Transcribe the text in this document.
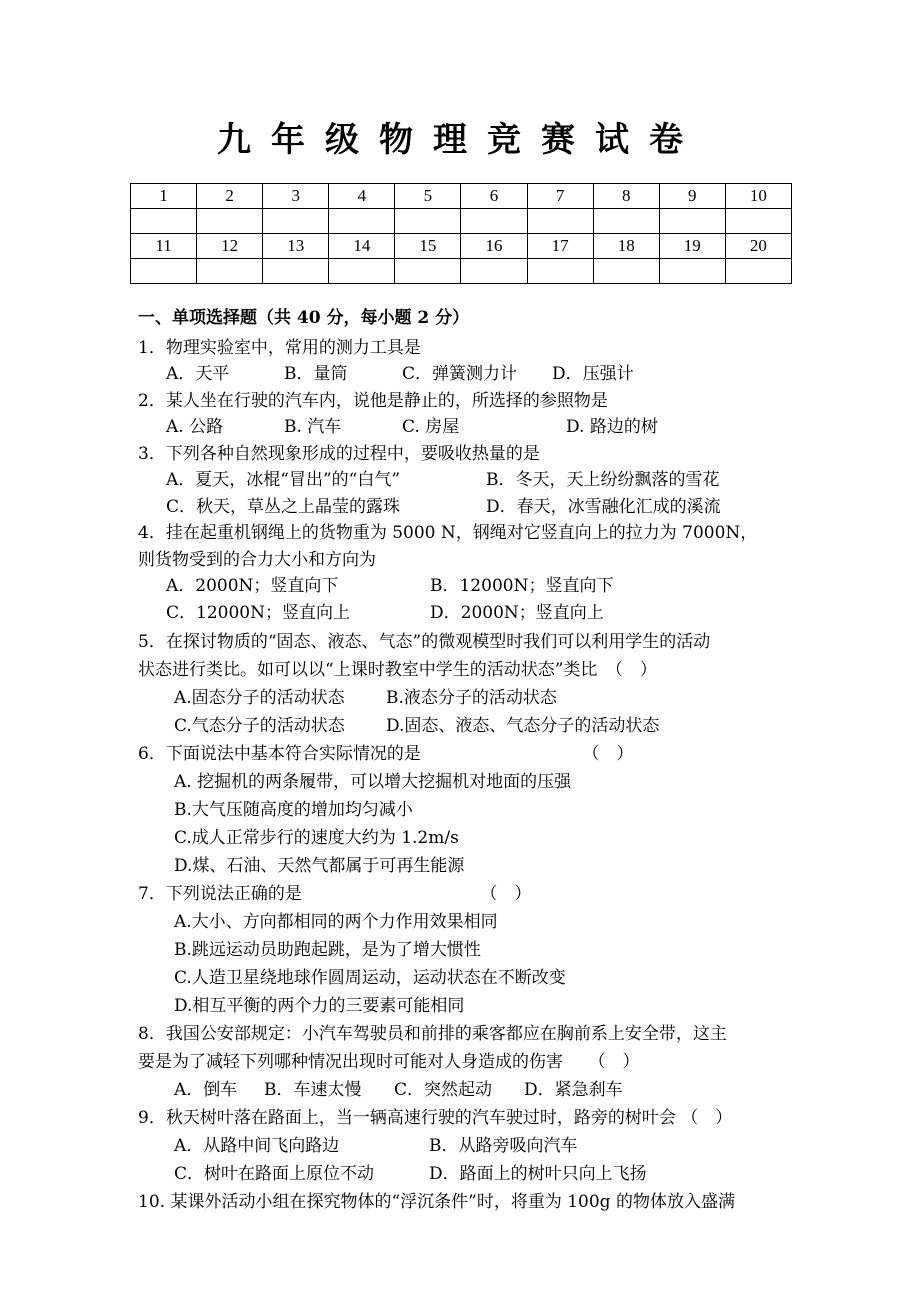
九年级物理竞赛试卷
1	2	3	4	5	6	7	8	9	10

11	12	13	14	15	16	17	18	19	20

一、单项选择题（共 40 分，每小题 2 分）
1．物理实验室中，常用的测力工具是
A．天平	B．量筒	C．弹簧测力计	D．压强计
2．某人坐在行驶的汽车内，说他是静止的，所选择的参照物是
A. 公路	B. 汽车	C. 房屋	D. 路边的树
3．下列各种自然现象形成的过程中，要吸收热量的是
A．夏天，冰棍“冒出”的“白气”	B．冬天，天上纷纷飘落的雪花
C．秋天，草丛之上晶莹的露珠	D．春天，冰雪融化汇成的溪流
4．挂在起重机钢绳上的货物重为 5000 N，钢绳对它竖直向上的拉力为 7000N，
则货物受到的合力大小和方向为
A．2000N；竖直向下	B．12000N；竖直向下
C．12000N；竖直向上	D．2000N；竖直向上
5．在探讨物质的“固态、液态、气态”的微观模型时我们可以利用学生的活动
状态进行类比。如可以以“上课时教室中学生的活动状态”类比　（　）
A.固态分子的活动状态	B.液态分子的活动状态
C.气态分子的活动状态	D.固态、液态、气态分子的活动状态
6．下面说法中基本符合实际情况的是　　　　　　　　　　（　）
A. 挖掘机的两条履带，可以增大挖掘机对地面的压强
B.大气压随高度的增加均匀减小
C.成人正常步行的速度大约为 1.2m/s
D.煤、石油、天然气都属于可再生能源
7．下列说法正确的是　　　　　　　　　　　（　）
A.大小、方向都相同的两个力作用效果相同
B.跳远运动员助跑起跳，是为了增大惯性
C.人造卫星绕地球作圆周运动，运动状态在不断改变
D.相互平衡的两个力的三要素可能相同
8．我国公安部规定：小汽车驾驶员和前排的乘客都应在胸前系上安全带，这主
要是为了减轻下列哪种情况出现时可能对人身造成的伤害　　（　）
A．倒车	B．车速太慢	C．突然起动	D．紧急刹车
9．秋天树叶落在路面上，当一辆高速行驶的汽车驶过时，路旁的树叶会 （　）
A．从路中间飞向路边	B．从路旁吸向汽车
C．树叶在路面上原位不动	D．路面上的树叶只向上飞扬
10. 某课外活动小组在探究物体的“浮沉条件”时，将重为 100g 的物体放入盛满
